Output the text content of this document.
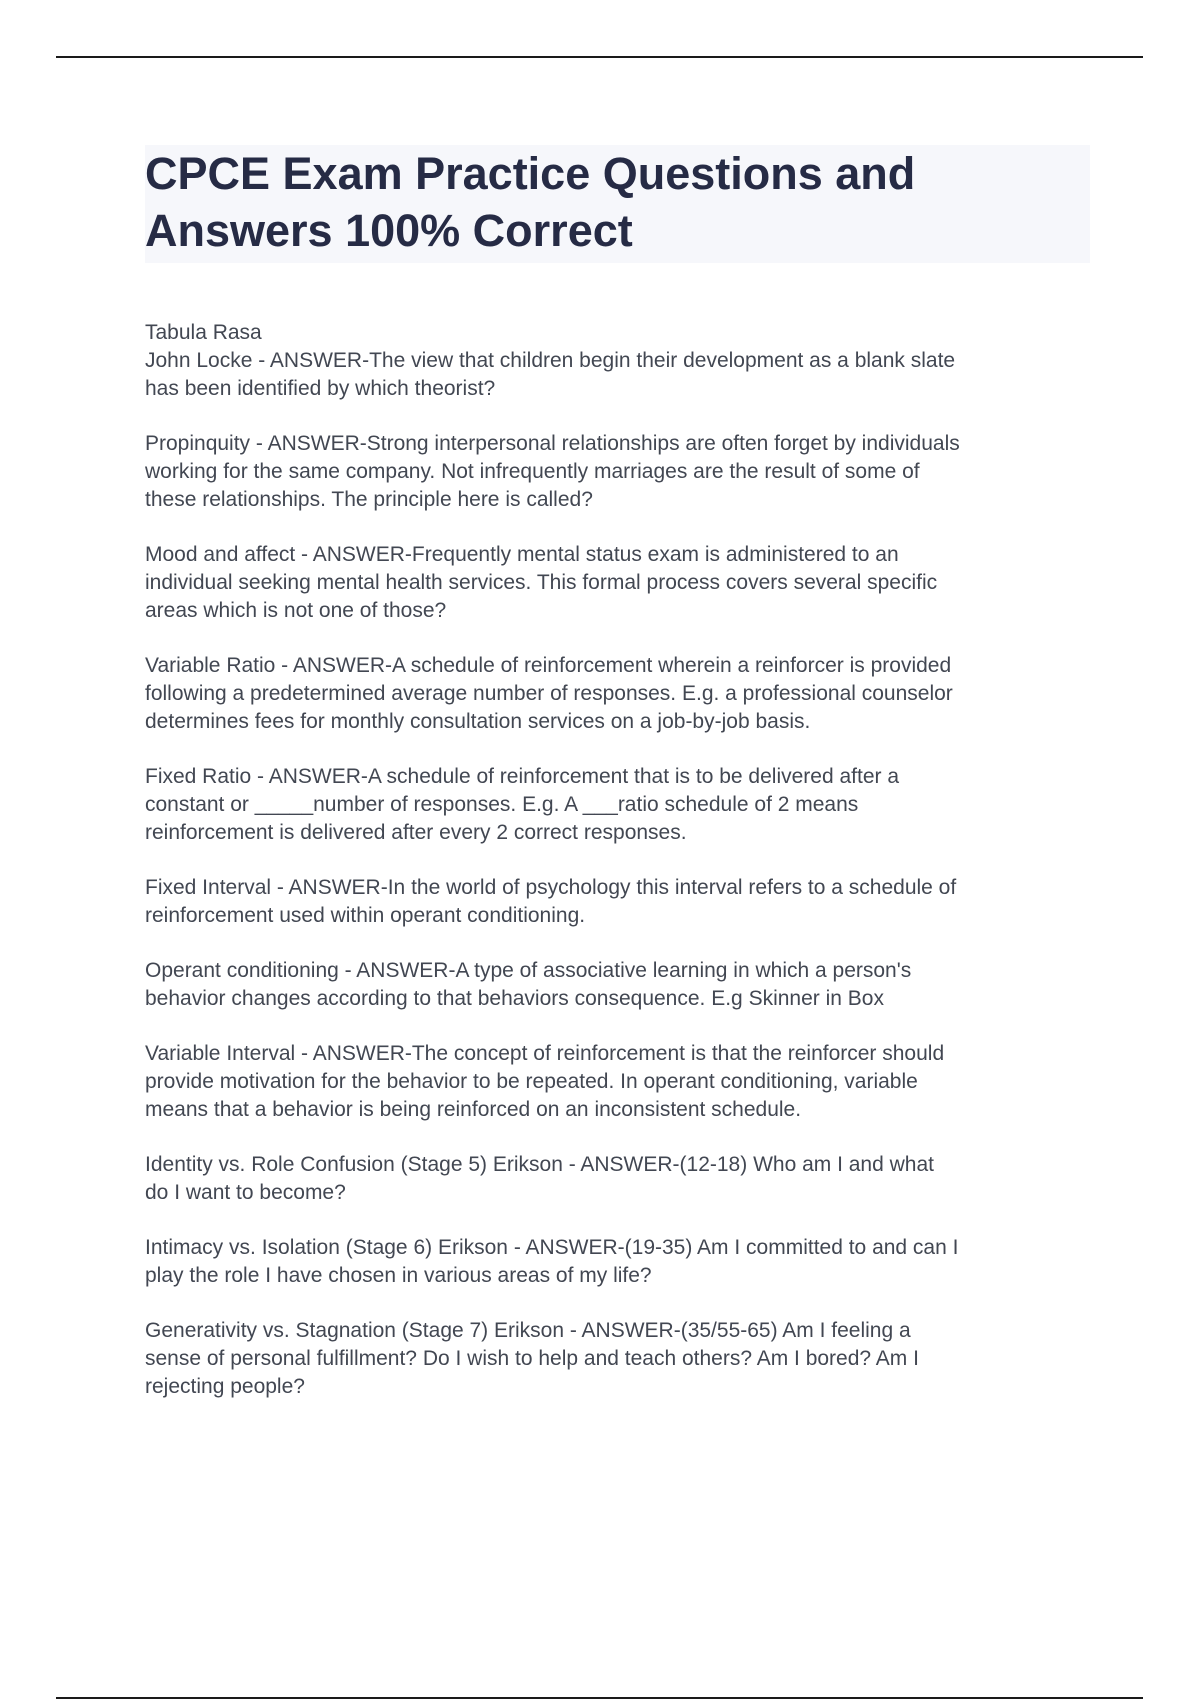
CPCE Exam Practice Questions and Answers 100% Correct
Tabula Rasa
John Locke - ANSWER-The view that children begin their development as a blank slate
has been identified by which theorist?
Propinquity - ANSWER-Strong interpersonal relationships are often forget by individuals
working for the same company. Not infrequently marriages are the result of some of
these relationships. The principle here is called?
Mood and affect - ANSWER-Frequently mental status exam is administered to an
individual seeking mental health services. This formal process covers several specific
areas which is not one of those?
Variable Ratio - ANSWER-A schedule of reinforcement wherein a reinforcer is provided
following a predetermined average number of responses. E.g. a professional counselor
determines fees for monthly consultation services on a job-by-job basis.
Fixed Ratio - ANSWER-A schedule of reinforcement that is to be delivered after a
constant or _____number of responses. E.g. A ___ratio schedule of 2 means
reinforcement is delivered after every 2 correct responses.
Fixed Interval - ANSWER-In the world of psychology this interval refers to a schedule of
reinforcement used within operant conditioning.
Operant conditioning - ANSWER-A type of associative learning in which a person's
behavior changes according to that behaviors consequence. E.g Skinner in Box
Variable Interval - ANSWER-The concept of reinforcement is that the reinforcer should
provide motivation for the behavior to be repeated. In operant conditioning, variable
means that a behavior is being reinforced on an inconsistent schedule.
Identity vs. Role Confusion (Stage 5) Erikson - ANSWER-(12-18) Who am I and what
do I want to become?
Intimacy vs. Isolation (Stage 6) Erikson - ANSWER-(19-35) Am I committed to and can I
play the role I have chosen in various areas of my life?
Generativity vs. Stagnation (Stage 7) Erikson - ANSWER-(35/55-65) Am I feeling a
sense of personal fulfillment? Do I wish to help and teach others? Am I bored? Am I
rejecting people?
